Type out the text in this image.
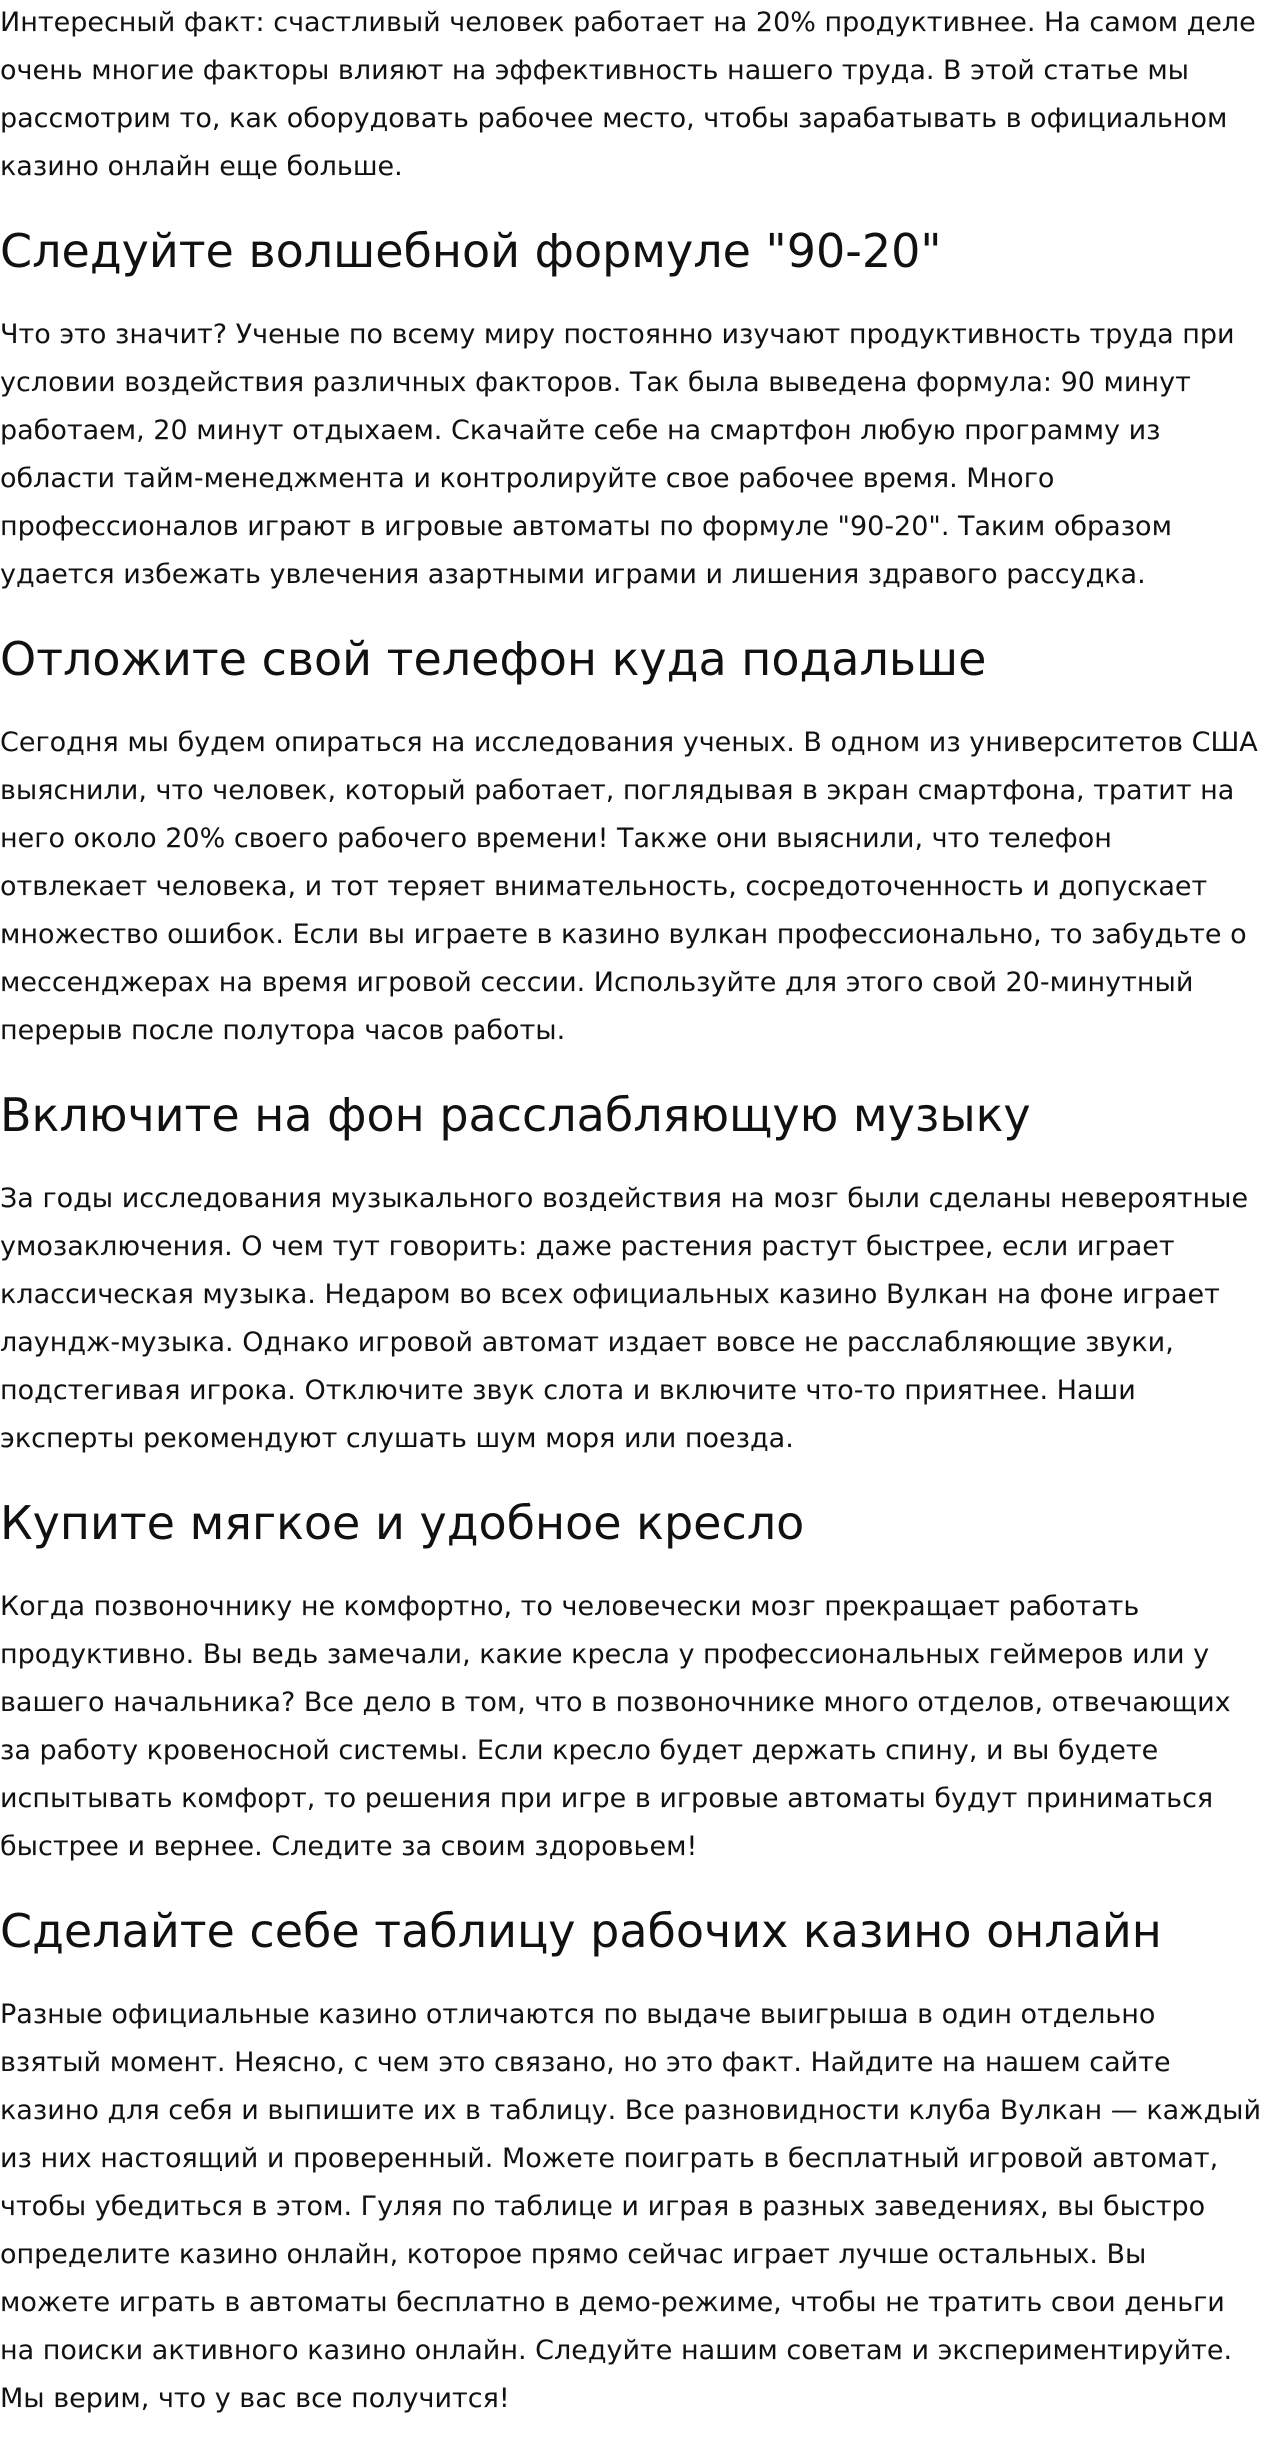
Интересный факт: счастливый человек работает на 20% продуктивнее. На самом деле очень многие факторы влияют на эффективность нашего труда. В этой статье мы рассмотрим то, как оборудовать рабочее место, чтобы зарабатывать в официальном казино онлайн еще больше.

Следуйте волшебной формуле "90-20"

Что это значит? Ученые по всему миру постоянно изучают продуктивность труда при условии воздействия различных факторов. Так была выведена формула: 90 минут работаем, 20 минут отдыхаем. Скачайте себе на смартфон любую программу из области тайм-менеджмента и контролируйте свое рабочее время. Много профессионалов играют в игровые автоматы по формуле "90-20". Таким образом удается избежать увлечения азартными играми и лишения здравого рассудка.

Отложите свой телефон куда подальше

Сегодня мы будем опираться на исследования ученых. В одном из университетов США выяснили, что человек, который работает, поглядывая в экран смартфона, тратит на него около 20% своего рабочего времени! Также они выяснили, что телефон отвлекает человека, и тот теряет внимательность, сосредоточенность и допускает множество ошибок. Если вы играете в казино вулкан профессионально, то забудьте о мессенджерах на время игровой сессии. Используйте для этого свой 20-минутный перерыв после полутора часов работы.

Включите на фон расслабляющую музыку

За годы исследования музыкального воздействия на мозг были сделаны невероятные умозаключения. О чем тут говорить: даже растения растут быстрее, если играет классическая музыка. Недаром во всех официальных казино Вулкан на фоне играет лаундж-музыка. Однако игровой автомат издает вовсе не расслабляющие звуки, подстегивая игрока. Отключите звук слота и включите что-то приятнее. Наши эксперты рекомендуют слушать шум моря или поезда.

Купите мягкое и удобное кресло

Когда позвоночнику не комфортно, то человечески мозг прекращает работать продуктивно. Вы ведь замечали, какие кресла у профессиональных геймеров или у вашего начальника? Все дело в том, что в позвоночнике много отделов, отвечающих за работу кровеносной системы. Если кресло будет держать спину, и вы будете испытывать комфорт, то решения при игре в игровые автоматы будут приниматься быстрее и вернее. Следите за своим здоровьем!

Сделайте себе таблицу рабочих казино онлайн

Разные официальные казино отличаются по выдаче выигрыша в один отдельно взятый момент. Неясно, с чем это связано, но это факт. Найдите на нашем сайте казино для себя и выпишите их в таблицу. Все разновидности клуба Вулкан — каждый из них настоящий и проверенный. Можете поиграть в бесплатный игровой автомат, чтобы убедиться в этом. Гуляя по таблице и играя в разных заведениях, вы быстро определите казино онлайн, которое прямо сейчас играет лучше остальных. Вы можете играть в автоматы бесплатно в демо-режиме, чтобы не тратить свои деньги на поиски активного казино онлайн. Следуйте нашим советам и экспериментируйте. Мы верим, что у вас все получится!
